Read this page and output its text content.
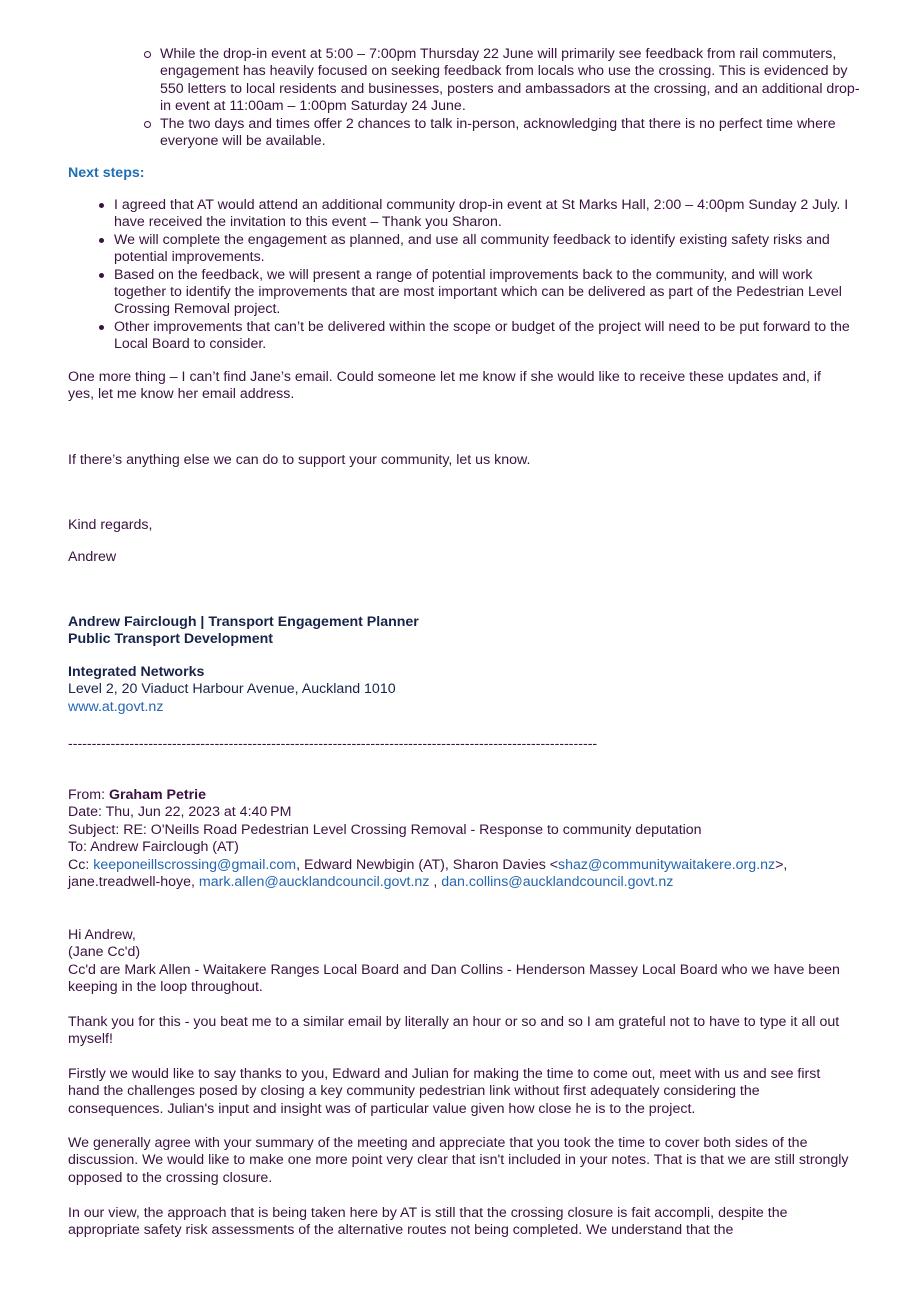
While the drop-in event at 5:00 – 7:00pm Thursday 22 June will primarily see feedback from rail commuters, engagement has heavily focused on seeking feedback from locals who use the crossing. This is evidenced by 550 letters to local residents and businesses, posters and ambassadors at the crossing, and an additional drop-in event at 11:00am – 1:00pm Saturday 24 June.
The two days and times offer 2 chances to talk in-person, acknowledging that there is no perfect time where everyone will be available.

Next steps:

I agreed that AT would attend an additional community drop-in event at St Marks Hall, 2:00 – 4:00pm Sunday 2 July. I have received the invitation to this event – Thank you Sharon.
We will complete the engagement as planned, and use all community feedback to identify existing safety risks and potential improvements.
Based on the feedback, we will present a range of potential improvements back to the community, and will work together to identify the improvements that are most important which can be delivered as part of the Pedestrian Level Crossing Removal project.
Other improvements that can’t be delivered within the scope or budget of the project will need to be put forward to the Local Board to consider.

One more thing – I can’t find Jane’s email. Could someone let me know if she would like to receive these updates and, if yes, let me know her email address.

If there’s anything else we can do to support your community, let us know.

Kind regards,

Andrew

Andrew Fairclough | Transport Engagement Planner
Public Transport Development
Integrated Networks
Level 2, 20 Viaduct Harbour Avenue, Auckland 1010
www.at.govt.nz
----------------------------------------------------------------------------------------------------------------
From: Graham Petrie
Date: Thu, Jun 22, 2023 at 4:40 PM
Subject: RE: O'Neills Road Pedestrian Level Crossing Removal - Response to community deputation
To: Andrew Fairclough (AT)
Cc: keeponeillscrossing@gmail.com, Edward Newbigin (AT), Sharon Davies <shaz@communitywaitakere.org.nz>,
jane.treadwell-hoye, mark.allen@aucklandcouncil.govt.nz , dan.collins@aucklandcouncil.govt.nz
Hi Andrew,
(Jane Cc'd)
Cc'd are Mark Allen - Waitakere Ranges Local Board and Dan Collins - Henderson Massey Local Board who we have been keeping in the loop throughout.

Thank you for this - you beat me to a similar email by literally an hour or so and so I am grateful not to have to type it all out myself!

Firstly we would like to say thanks to you, Edward and Julian for making the time to come out, meet with us and see first hand the challenges posed by closing a key community pedestrian link without first adequately considering the consequences. Julian's input and insight was of particular value given how close he is to the project.

We generally agree with your summary of the meeting and appreciate that you took the time to cover both sides of the discussion. We would like to make one more point very clear that isn't included in your notes. That is that we are still strongly opposed to the crossing closure.

In our view, the approach that is being taken here by AT is still that the crossing closure is fait accompli, despite the appropriate safety risk assessments of the alternative routes not being completed. We understand that the
